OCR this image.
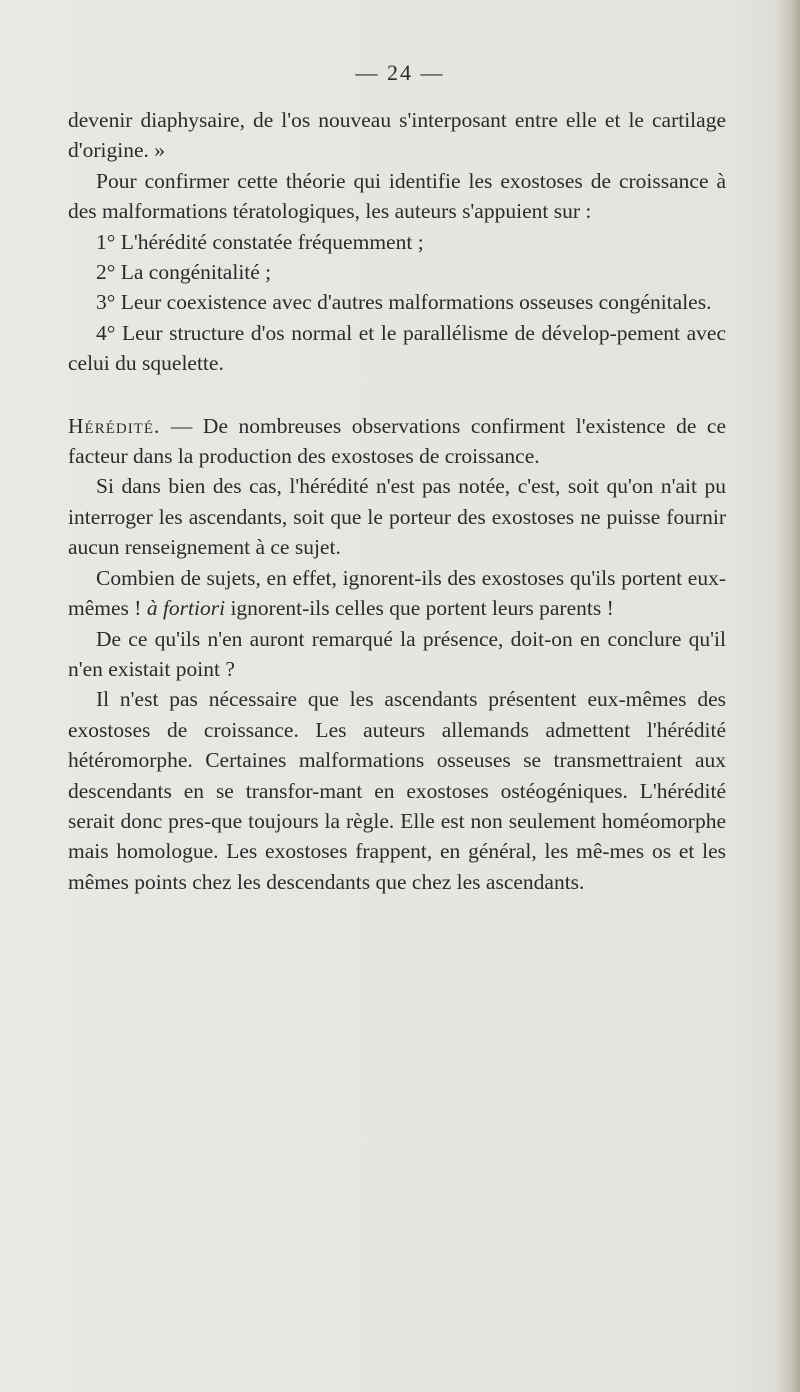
— 24 —

devenir diaphysaire, de l'os nouveau s'interposant entre elle et le cartilage d'origine. »

Pour confirmer cette théorie qui identifie les exostoses de croissance à des malformations tératologiques, les auteurs s'appuient sur :

1° L'hérédité constatée fréquemment ;

2° La congénitalité ;

3° Leur coexistence avec d'autres malformations osseuses congénitales.

4° Leur structure d'os normal et le parallélisme de dévelop-pement avec celui du squelette.

Hérédité. — De nombreuses observations confirment l'existence de ce facteur dans la production des exostoses de croissance.

Si dans bien des cas, l'hérédité n'est pas notée, c'est, soit qu'on n'ait pu interroger les ascendants, soit que le porteur des exostoses ne puisse fournir aucun renseignement à ce sujet.

Combien de sujets, en effet, ignorent-ils des exostoses qu'ils portent eux-mêmes ! à fortiori ignorent-ils celles que portent leurs parents !

De ce qu'ils n'en auront remarqué la présence, doit-on en conclure qu'il n'en existait point ?

Il n'est pas nécessaire que les ascendants présentent eux-mêmes des exostoses de croissance. Les auteurs allemands admettent l'hérédité hétéromorphe. Certaines malformations osseuses se transmettraient aux descendants en se transfor-mant en exostoses ostéogéniques. L'hérédité serait donc pres-que toujours la règle. Elle est non seulement homéomorphe mais homologue. Les exostoses frappent, en général, les mê-mes os et les mêmes points chez les descendants que chez les ascendants.
